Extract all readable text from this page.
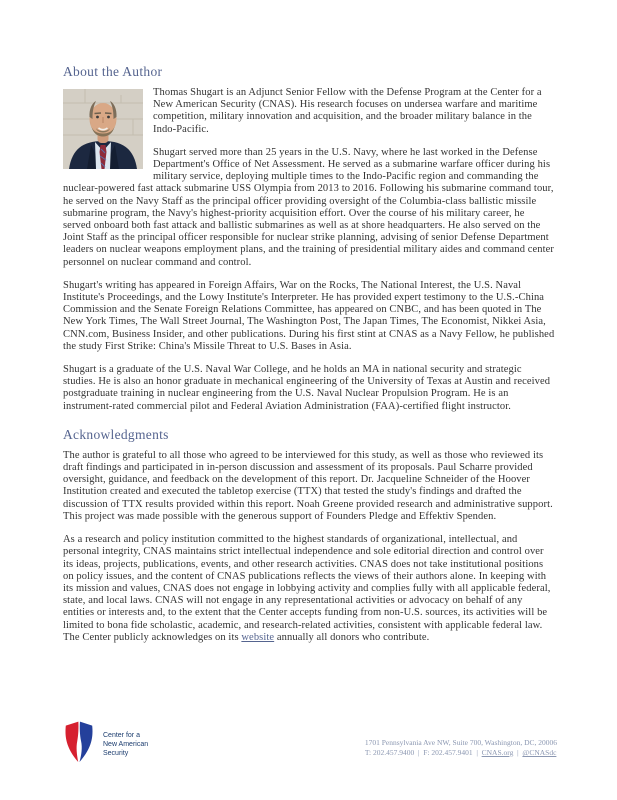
About the Author

Thomas Shugart is an Adjunct Senior Fellow with the Defense Program at the Center for a New American Security (CNAS). His research focuses on undersea warfare and maritime competition, military innovation and acquisition, and the broader military balance in the Indo-Pacific.

Shugart served more than 25 years in the U.S. Navy, where he last worked in the Defense Department's Office of Net Assessment. He served as a submarine warfare officer during his military service, deploying multiple times to the Indo-Pacific region and commanding the nuclear-powered fast attack submarine USS Olympia from 2013 to 2016. Following his submarine command tour, he served on the Navy Staff as the principal officer providing oversight of the Columbia-class ballistic missile submarine program, the Navy's highest-priority acquisition effort. Over the course of his military career, he served onboard both fast attack and ballistic submarines as well as at shore headquarters. He also served on the Joint Staff as the principal officer responsible for nuclear strike planning, advising of senior Defense Department leaders on nuclear weapons employment plans, and the training of presidential military aides and command center personnel on nuclear command and control.

Shugart's writing has appeared in Foreign Affairs, War on the Rocks, The National Interest, the U.S. Naval Institute's Proceedings, and the Lowy Institute's Interpreter. He has provided expert testimony to the U.S.-China Commission and the Senate Foreign Relations Committee, has appeared on CNBC, and has been quoted in The New York Times, The Wall Street Journal, The Washington Post, The Japan Times, The Economist, Nikkei Asia, CNN.com, Business Insider, and other publications. During his first stint at CNAS as a Navy Fellow, he published the study First Strike: China's Missile Threat to U.S. Bases in Asia.

Shugart is a graduate of the U.S. Naval War College, and he holds an MA in national security and strategic studies. He is also an honor graduate in mechanical engineering of the University of Texas at Austin and received postgraduate training in nuclear engineering from the U.S. Naval Nuclear Propulsion Program. He is an instrument-rated commercial pilot and Federal Aviation Administration (FAA)-certified flight instructor.

Acknowledgments

The author is grateful to all those who agreed to be interviewed for this study, as well as those who reviewed its draft findings and participated in in-person discussion and assessment of its proposals. Paul Scharre provided oversight, guidance, and feedback on the development of this report. Dr. Jacqueline Schneider of the Hoover Institution created and executed the tabletop exercise (TTX) that tested the study's findings and drafted the discussion of TTX results provided within this report. Noah Greene provided research and administrative support. This project was made possible with the generous support of Founders Pledge and Effektiv Spenden.

As a research and policy institution committed to the highest standards of organizational, intellectual, and personal integrity, CNAS maintains strict intellectual independence and sole editorial direction and control over its ideas, projects, publications, events, and other research activities. CNAS does not take institutional positions on policy issues, and the content of CNAS publications reflects the views of their authors alone. In keeping with its mission and values, CNAS does not engage in lobbying activity and complies fully with all applicable federal, state, and local laws. CNAS will not engage in any representational activities or advocacy on behalf of any entities or interests and, to the extent that the Center accepts funding from non-U.S. sources, its activities will be limited to bona fide scholastic, academic, and research-related activities, consistent with applicable federal law. The Center publicly acknowledges on its website annually all donors who contribute.

Center for a
New American
Security
1701 Pennsylvania Ave NW, Suite 700, Washington, DC, 20006
T: 202.457.9400  |  F: 202.457.9401  |  CNAS.org  |  @CNASdc
